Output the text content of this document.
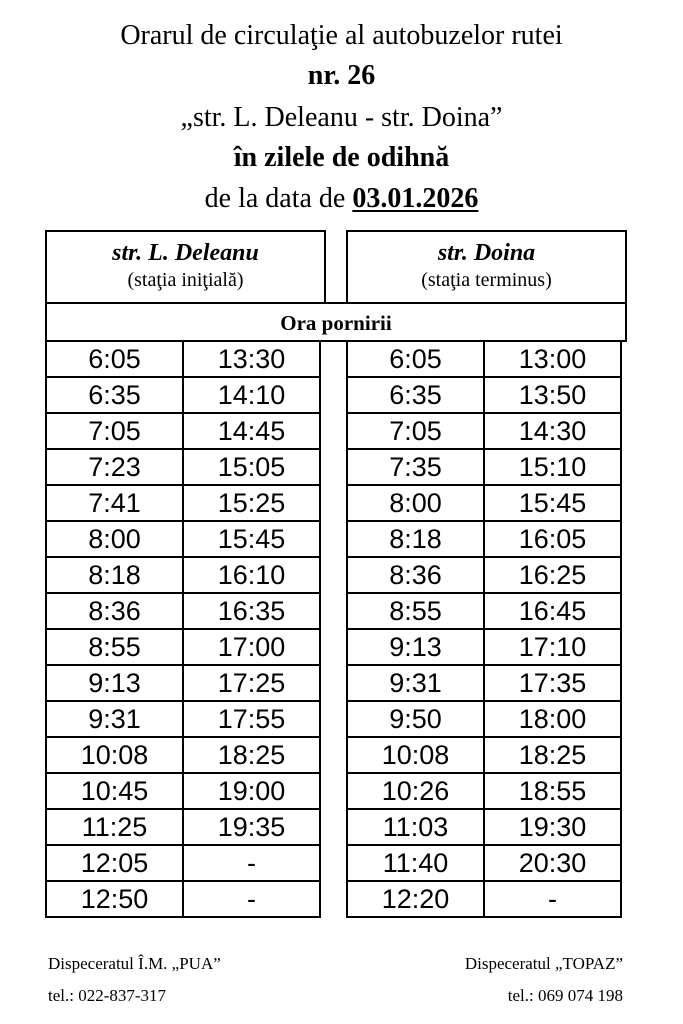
Orarul de circulaţie al autobuzelor rutei
nr. 26
„str. L. Deleanu - str. Doina”
în zilele de odihnă
de la data de 03.01.2026
str. L. Deleanu
(staţia iniţială)
str. Doina
(staţia terminus)
Ora pornirii
6:05	13:30
6:35	14:10
7:05	14:45
7:23	15:05
7:41	15:25
8:00	15:45
8:18	16:10
8:36	16:35
8:55	17:00
9:13	17:25
9:31	17:55
10:08	18:25
10:45	19:00
11:25	19:35
12:05	-
12:50	-
6:05	13:00
6:35	13:50
7:05	14:30
7:35	15:10
8:00	15:45
8:18	16:05
8:36	16:25
8:55	16:45
9:13	17:10
9:31	17:35
9:50	18:00
10:08	18:25
10:26	18:55
11:03	19:30
11:40	20:30
12:20	-
Dispeceratul Î.M. „PUA”
tel.: 022-837-317
Dispeceratul „TOPAZ”
tel.: 069 074 198
